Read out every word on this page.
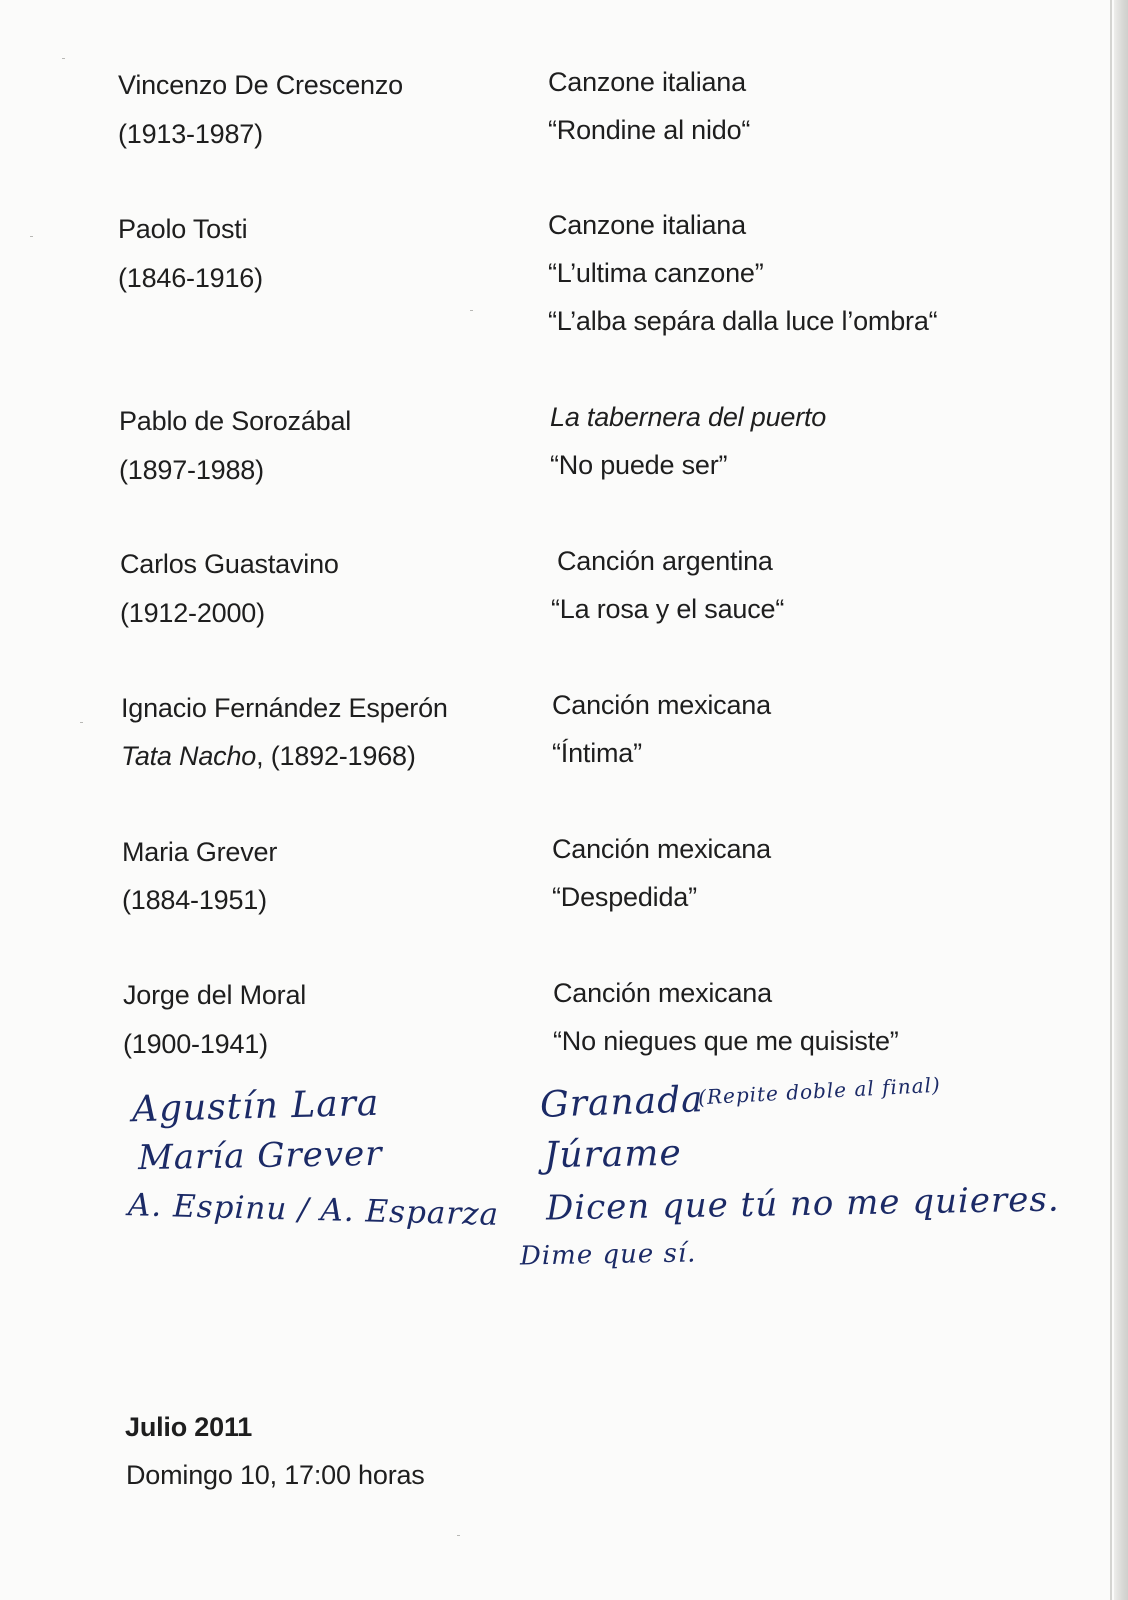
Vincenzo De Crescenzo
(1913-1987)
Canzone italiana
“Rondine al nido“
Paolo Tosti
(1846-1916)
Canzone italiana
“L’ultima canzone”
“L’alba sepára dalla luce l’ombra“
Pablo de Sorozábal
(1897-1988)
La tabernera del puerto
“No puede ser”
Carlos Guastavino
(1912-2000)
Canción argentina
“La rosa y el sauce“
Ignacio Fernández Esperón
Tata Nacho, (1892-1968)
Canción mexicana
“Íntima”
Maria Grever
(1884-1951)
Canción mexicana
“Despedida”
Jorge del Moral
(1900-1941)
Canción mexicana
“No niegues que me quisiste”
Agustín Lara
María Grever
A. Espinu / A. Esparza
Granada
(Repite doble al final)
Júrame
Dicen que tú no me quieres.
Dime que sí.
Julio 2011
Domingo 10, 17:00 horas
